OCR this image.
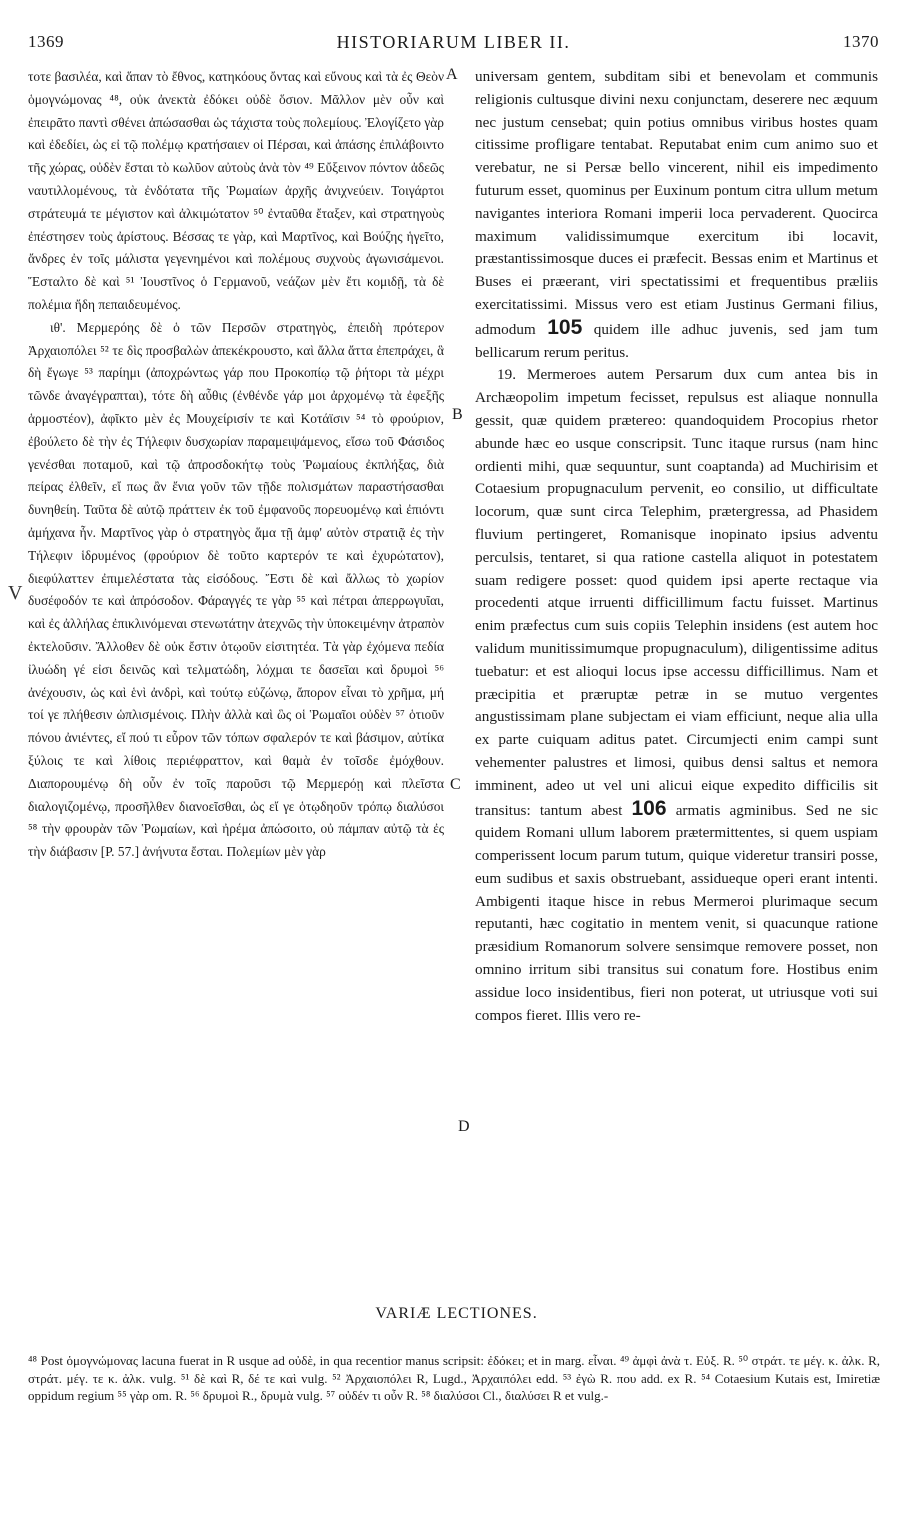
1369	HISTORIARUM LIBER II.	1370

τοτε βασιλέα, καὶ ἅπαν τὸ ἔθνος, κατηκόους ὄντας καὶ εὔνους καὶ τὰ ἐς Θεὸν ὁμογνώμονας ⁴⁸, οὐκ ἀνεκτὰ ἐδόκει οὐδὲ ὅσιον. Μᾶλλον μὲν οὖν καὶ ἐπειρᾶτο παντὶ σθένει ἀπώσασθαι ὡς τάχιστα τοὺς πολεμίους. Ἐλογίζετο γὰρ καὶ ἐδεδίει, ὡς εἰ τῷ πολέμῳ κρατήσαιεν οἱ Πέρσαι, καὶ ἁπάσης ἐπιλάβοιντο τῆς χώρας, οὐδὲν ἔσται τὸ κωλῦον αὐτοὺς ἀνὰ τὸν ⁴⁹ Εὔξεινον πόντον ἀδεῶς ναυτιλλομένους, τὰ ἐνδότατα τῆς Ῥωμαίων ἀρχῆς ἀνιχνεύειν. Τοιγάρτοι στράτευμά τε μέγιστον καὶ ἀλκιμώτατον ⁵⁰ ἐνταῦθα ἔταξεν, καὶ στρατηγοὺς ἐπέστησεν τοὺς ἀρίστους. Βέσσας τε γὰρ, καὶ Μαρτῖνος, καὶ Βούζης ἡγεῖτο, ἄνδρες ἐν τοῖς μάλιστα γεγενημένοι καὶ πολέμους συχνοὺς ἀγωνισάμενοι. Ἔσταλτο δὲ καὶ ⁵¹ Ἰουστῖνος ὁ Γερμανοῦ, νεάζων μὲν ἔτι κομιδῇ, τὰ δὲ πολέμια ἤδη πεπαιδευμένος.

ιθ'. Μερμερόης δὲ ὁ τῶν Περσῶν στρατηγὸς, ἐπειδὴ πρότερον Ἀρχαιοπόλει ⁵² τε δὶς προσβαλὼν ἀπεκέκρουστο, καὶ ἄλλα ἄττα ἐπεπράχει, ἃ δὴ ἔγωγε ⁵³ παρίημι (ἀποχρώντως γάρ που Προκοπίῳ τῷ ῥήτορι τὰ μέχρι τῶνδε ἀναγέγραπται), τότε δὴ αὖθις (ἐνθένδε γάρ μοι ἀρχομένῳ τὰ ἐφεξῆς ἁρμοστέον), ἀφῖκτο μὲν ἐς Μουχείρισίν τε καὶ Κοτάϊσιν ⁵⁴ τὸ φρούριον, ἐβούλετο δὲ τὴν ἐς Τήλεφιν δυσχωρίαν παραμειψάμενος, εἴσω τοῦ Φάσιδος γενέσθαι ποταμοῦ, καὶ τῷ ἀπροσδοκήτῳ τοὺς Ῥωμαίους ἐκπλήξας, διὰ πείρας ἐλθεῖν, εἴ πως ἂν ἔνια γοῦν τῶν τῇδε πολισμάτων παραστήσασθαι δυνηθείη. Ταῦτα δὲ αὐτῷ πράττειν ἐκ τοῦ ἐμφανοῦς πορευομένῳ καὶ ἐπιόντι ἀμήχανα ἦν. Μαρτῖνος γὰρ ὁ στρατηγὸς ἅμα τῇ ἀμφ' αὐτὸν στρατιᾷ ἐς τὴν Τήλεφιν ἱδρυμένος (φρούριον δὲ τοῦτο καρτερόν τε καὶ ἐχυρώτατον), διεφύλαττεν ἐπιμελέστατα τὰς εἰσόδους. Ἔστι δὲ καὶ ἄλλως τὸ χωρίον δυσέφοδόν τε καὶ ἀπρόσοδον. Φάραγγές τε γὰρ ⁵⁵ καὶ πέτραι ἀπερρωγυῖαι, καὶ ἐς ἀλλήλας ἐπικλινόμεναι στενωτάτην ἀτεχνῶς τὴν ὑποκειμένην ἀτραπὸν ἐκτελοῦσιν. Ἄλλοθεν δὲ οὐκ ἔστιν ὁτῳοῦν εἰσιτητέα. Τὰ γὰρ ἐχόμενα πεδία ἰλυώδη γέ εἰσι δεινῶς καὶ τελματώδη, λόχμαι τε δασεῖαι καὶ δρυμοὶ ⁵⁶ ἀνέχουσιν, ὡς καὶ ἑνὶ ἀνδρὶ, καὶ τούτῳ εὐζώνῳ, ἄπορον εἶναι τὸ χρῆμα, μή τοί γε πλήθεσιν ὡπλισμένοις. Πλὴν ἀλλὰ καὶ ὣς οἱ Ῥωμαῖοι οὐδὲν ⁵⁷ ὁτιοῦν πόνου ἀνιέντες, εἴ πού τι εὗρον τῶν τόπων σφαλερόν τε καὶ βάσιμον, αὐτίκα ξύλοις τε καὶ λίθοις περιέφραττον, καὶ θαμὰ ἐν τοῖσδε ἐμόχθουν. Διαπορουμένῳ δὴ οὖν ἐν τοῖς παροῦσι τῷ Μερμερόῃ καὶ πλεῖστα διαλογιζομένῳ, προσῆλθεν διανοεῖσθαι, ὡς εἴ γε ὁτῳδηοῦν τρόπῳ διαλύσοι ⁵⁸ τὴν φρουρὰν τῶν Ῥωμαίων, καὶ ἠρέμα ἀπώσοιτο, οὐ πάμπαν αὐτῷ τὰ ἐς τὴν διάβασιν [P. 57.] ἀνήνυτα ἔσται. Πολεμίων μὲν γὰρ

A
B
C
D
V

universam gentem, subditam sibi et benevolam et communis religionis cultusque divini nexu conjunctam, deserere nec æquum nec justum censebat; quin potius omnibus viribus hostes quam citissime profligare tentabat. Reputabat enim cum animo suo et verebatur, ne si Persæ bello vincerent, nihil eis impedimento futurum esset, quominus per Euxinum pontum citra ullum metum navigantes interiora Romani imperii loca pervaderent. Quocirca maximum validissimumque exercitum ibi locavit, præstantissimosque duces ei præfecit. Bessas enim et Martinus et Buses ei præerant, viri spectatissimi et frequentibus præliis exercitatissimi. Missus vero est etiam Justinus Germani filius, admodum 105 quidem ille adhuc juvenis, sed jam tum bellicarum rerum peritus.

19. Mermeroes autem Persarum dux cum antea bis in Archæopolim impetum fecisset, repulsus est aliaque nonnulla gessit, quæ quidem prætereo: quandoquidem Procopius rhetor abunde hæc eo usque conscripsit. Tunc itaque rursus (nam hinc ordienti mihi, quæ sequuntur, sunt coaptanda) ad Muchirisim et Cotaesium propugnaculum pervenit, eo consilio, ut difficultate locorum, quæ sunt circa Telephim, prætergressa, ad Phasidem fluvium pertingeret, Romanisque inopinato ipsius adventu perculsis, tentaret, si qua ratione castella aliquot in potestatem suam redigere posset: quod quidem ipsi aperte rectaque via procedenti atque irruenti difficillimum factu fuisset. Martinus enim præfectus cum suis copiis Telephin insidens (est autem hoc validum munitissimumque propugnaculum), diligentissime aditus tuebatur: et est alioqui locus ipse accessu difficillimus. Nam et præcipitia et præruptæ petræ in se mutuo vergentes angustissimam plane subjectam ei viam efficiunt, neque alia ulla ex parte cuiquam aditus patet. Circumjecti enim campi sunt vehementer palustres et limosi, quibus densi saltus et nemora imminent, adeo ut vel uni alicui eique expedito difficilis sit transitus: tantum abest 106 armatis agminibus. Sed ne sic quidem Romani ullum laborem prætermittentes, si quem uspiam comperissent locum parum tutum, quique videretur transiri posse, eum sudibus et saxis obstruebant, assidueque operi erant intenti. Ambigenti itaque hisce in rebus Mermeroi plurimaque secum reputanti, hæc cogitatio in mentem venit, si quacunque ratione præsidium Romanorum solvere sensimque removere posset, non omnino irritum sibi transitus sui conatum fore. Hostibus enim assidue loco insidentibus, fieri non poterat, ut utriusque voti sui compos fieret. Illis vero re-

VARIÆ LECTIONES.

⁴⁸ Post ὁμογνώμονας lacuna fuerat in R usque ad οὐδὲ, in qua recentior manus scripsit: ἐδόκει; et in marg. εἶναι. ⁴⁹ ἀμφὶ ἀνὰ τ. Εὐξ. R. ⁵⁰ στράτ. τε μέγ. κ. ἀλκ. R, στράτ. μέγ. τε κ. ἀλκ. vulg. ⁵¹ δὲ καὶ R, δέ τε καὶ vulg. ⁵² Ἀρχαιοπόλει R, Lugd., Ἀρχαιπόλει edd. ⁵³ ἐγὼ R. που add. ex R. ⁵⁴ Cotaesium Kutais est, Imiretiæ oppidum regium ⁵⁵ γὰρ om. R. ⁵⁶ δρυμοὶ R., δρυμὰ vulg. ⁵⁷ οὐδέν τι οὖν R. ⁵⁸ διαλύσοι Cl., διαλύσει R et vulg.-
